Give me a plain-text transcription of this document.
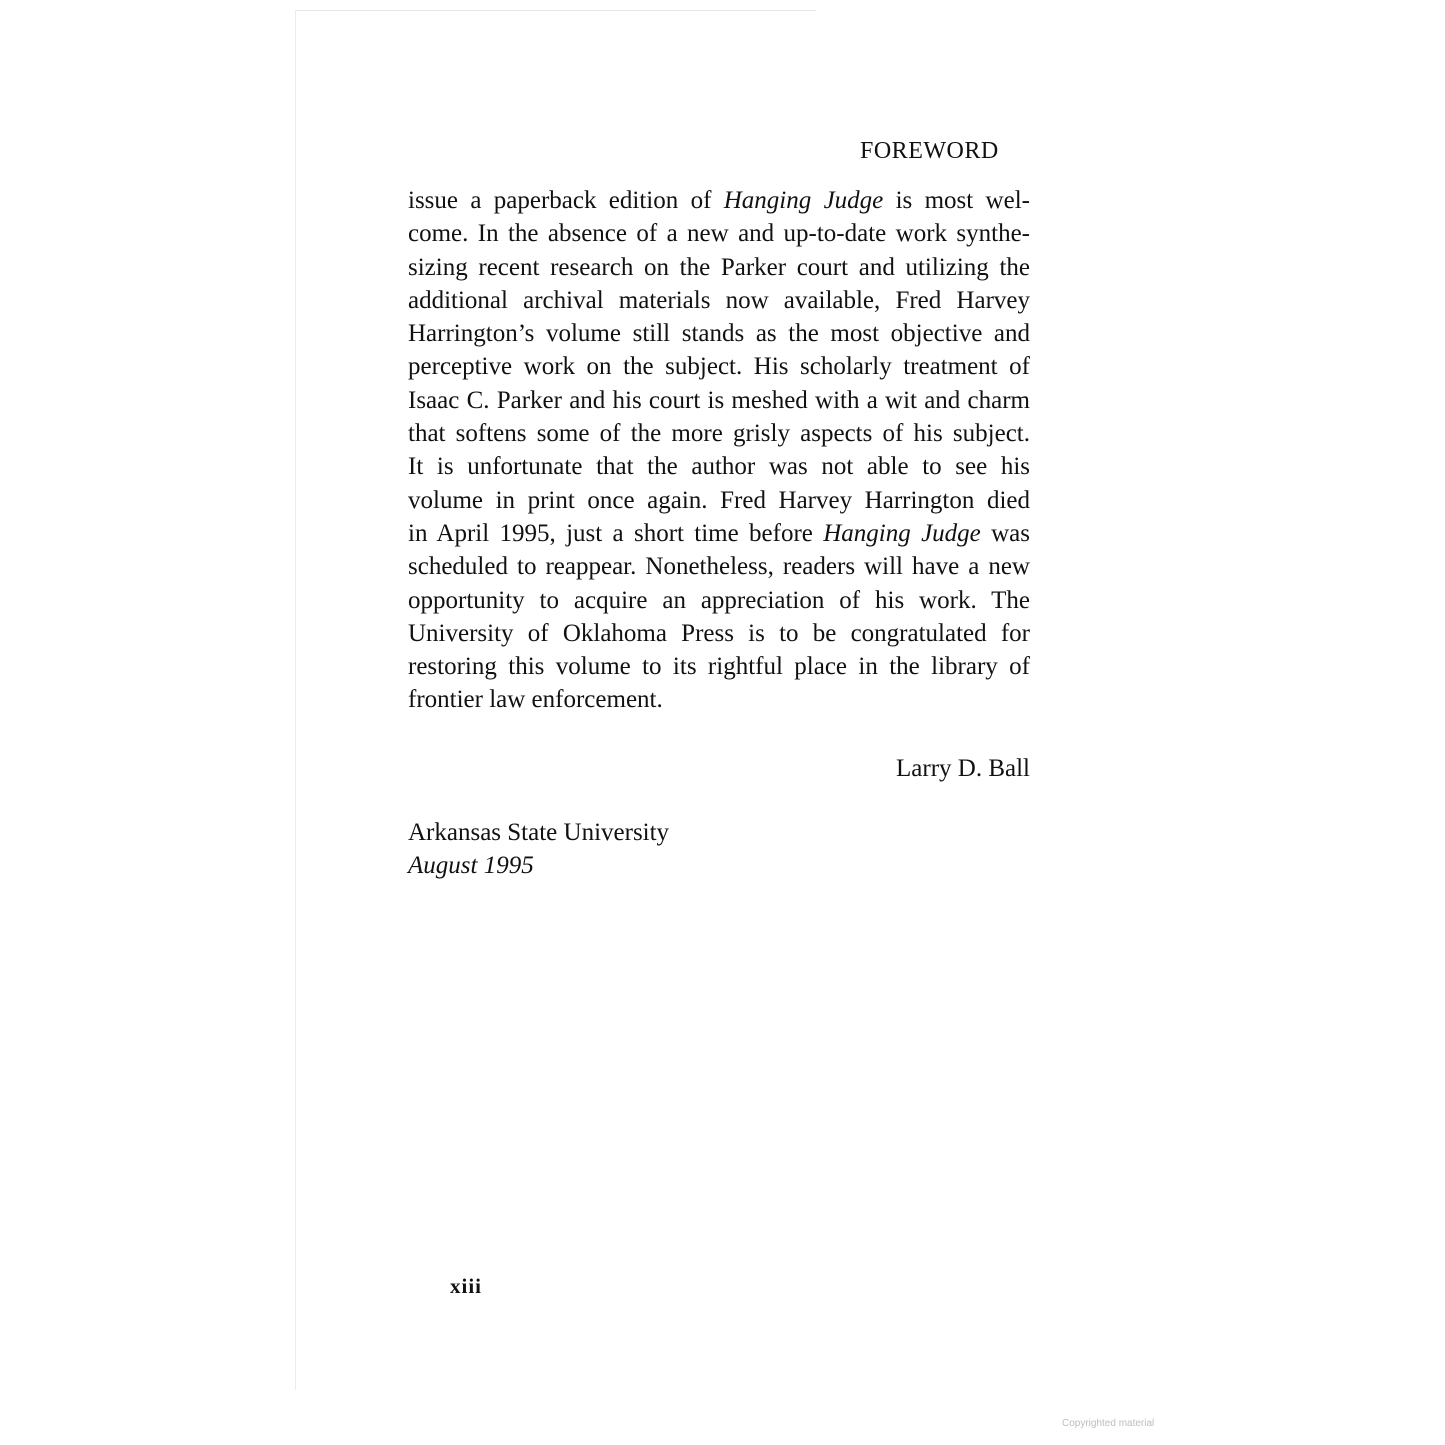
FOREWORD
issue a paperback edition of Hanging Judge is most wel-
come. In the absence of a new and up-to-date work synthe-
sizing recent research on the Parker court and utilizing the
additional archival materials now available, Fred Harvey
Harrington’s volume still stands as the most objective and
perceptive work on the subject. His scholarly treatment of
Isaac C. Parker and his court is meshed with a wit and charm
that softens some of the more grisly aspects of his subject.
It is unfortunate that the author was not able to see his
volume in print once again. Fred Harvey Harrington died
in April 1995, just a short time before Hanging Judge was
scheduled to reappear. Nonetheless, readers will have a new
opportunity to acquire an appreciation of his work. The
University of Oklahoma Press is to be congratulated for
restoring this volume to its rightful place in the library of
frontier law enforcement.
Larry D. Ball
Arkansas State University
August 1995
xiii
Copyrighted material
